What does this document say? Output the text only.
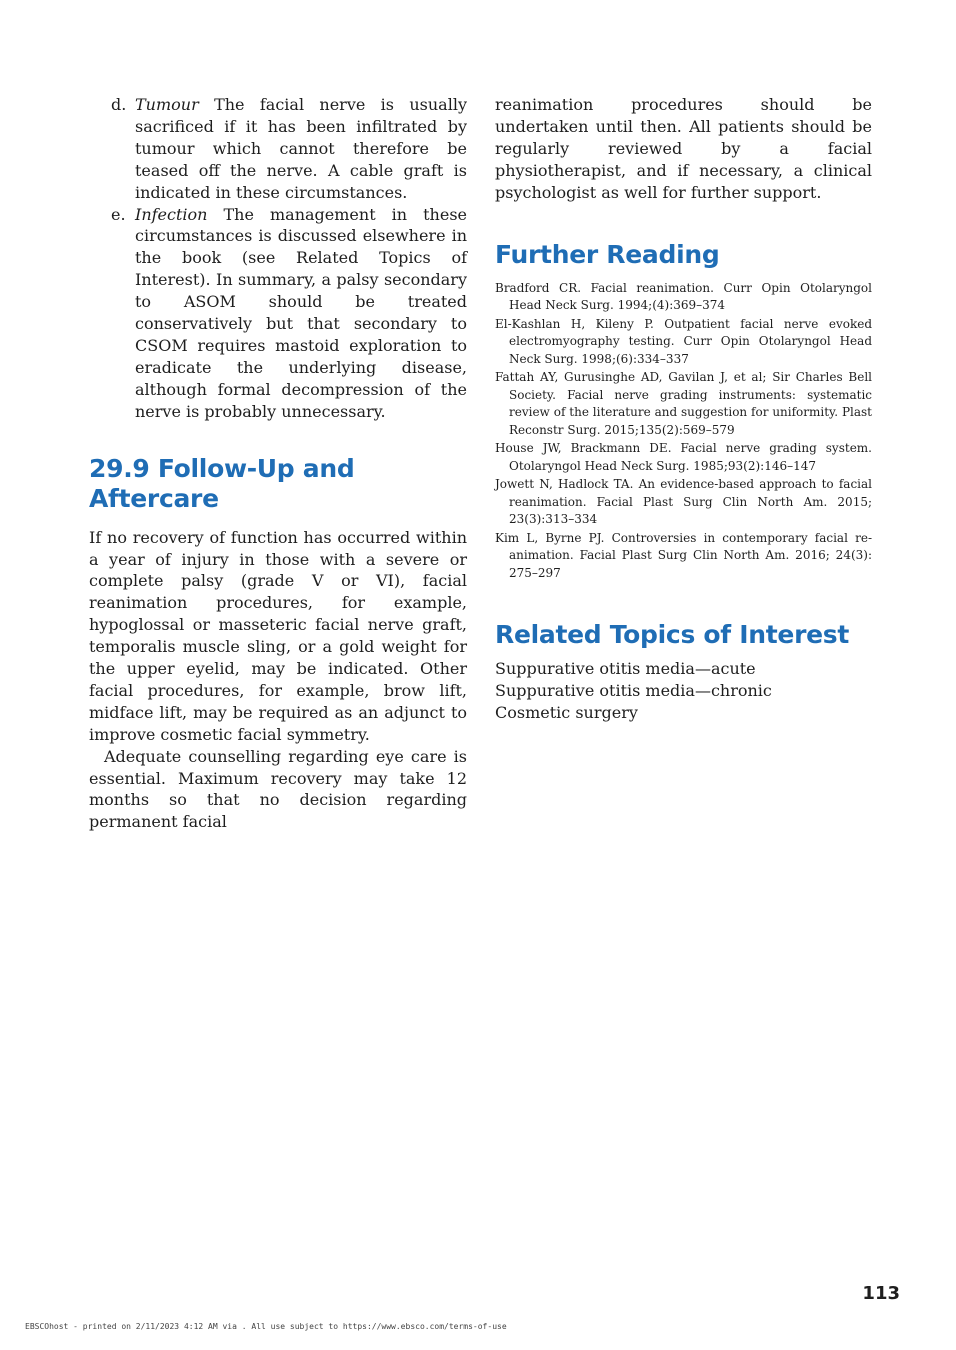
d. Tumour The facial nerve is usually sacrificed if it has been infiltrated by tumour which cannot therefore be teased off the nerve. A cable graft is indicated in these circumstances.
e. Infection The management in these circumstances is discussed elsewhere in the book (see Related Topics of Interest). In summary, a palsy secondary to ASOM should be treated conservatively but that secondary to CSOM requires mastoid exploration to eradicate the underlying disease, although formal decompression of the nerve is probably unnecessary.
29.9 Follow-Up and Aftercare

If no recovery of function has occurred within a year of injury in those with a severe or complete palsy (grade V or VI), facial reanimation procedures, for example, hypoglossal or masseteric facial nerve graft, temporalis muscle sling, or a gold weight for the upper eyelid, may be indicated. Other facial procedures, for example, brow lift, midface lift, may be required as an adjunct to improve cosmetic facial symmetry.

Adequate counselling regarding eye care is essential. Maximum recovery may take 12 months so that no decision regarding permanent facial

reanimation procedures should be undertaken until then. All patients should be regularly reviewed by a facial physiotherapist, and if necessary, a clinical psychologist as well for further support.

Further Reading
Bradford CR. Facial reanimation. Curr Opin Otolaryngol Head Neck Surg. 1994;(4):369–374
El-Kashlan H, Kileny P. Outpatient facial nerve evoked electromyography testing. Curr Opin Otolaryngol Head Neck Surg. 1998;(6):334–337
Fattah AY, Gurusinghe AD, Gavilan J, et al; Sir Charles Bell Society. Facial nerve grading instruments: systematic review of the literature and suggestion for uniformity. Plast Reconstr Surg. 2015;135(2):569–579
House JW, Brackmann DE. Facial nerve grading system. Otolaryngol Head Neck Surg. 1985;93(2):146–147
Jowett N, Hadlock TA. An evidence-based approach to facial reanimation. Facial Plast Surg Clin North Am. 2015; 23(3):313–334
Kim L, Byrne PJ. Controversies in contemporary facial reanimation. Facial Plast Surg Clin North Am. 2016; 24(3): 275–297
Related Topics of Interest
Suppurative otitis media—acute
Suppurative otitis media—chronic
Cosmetic surgery
113
EBSCOhost - printed on 2/11/2023 4:12 AM via . All use subject to https://www.ebsco.com/terms-of-use
